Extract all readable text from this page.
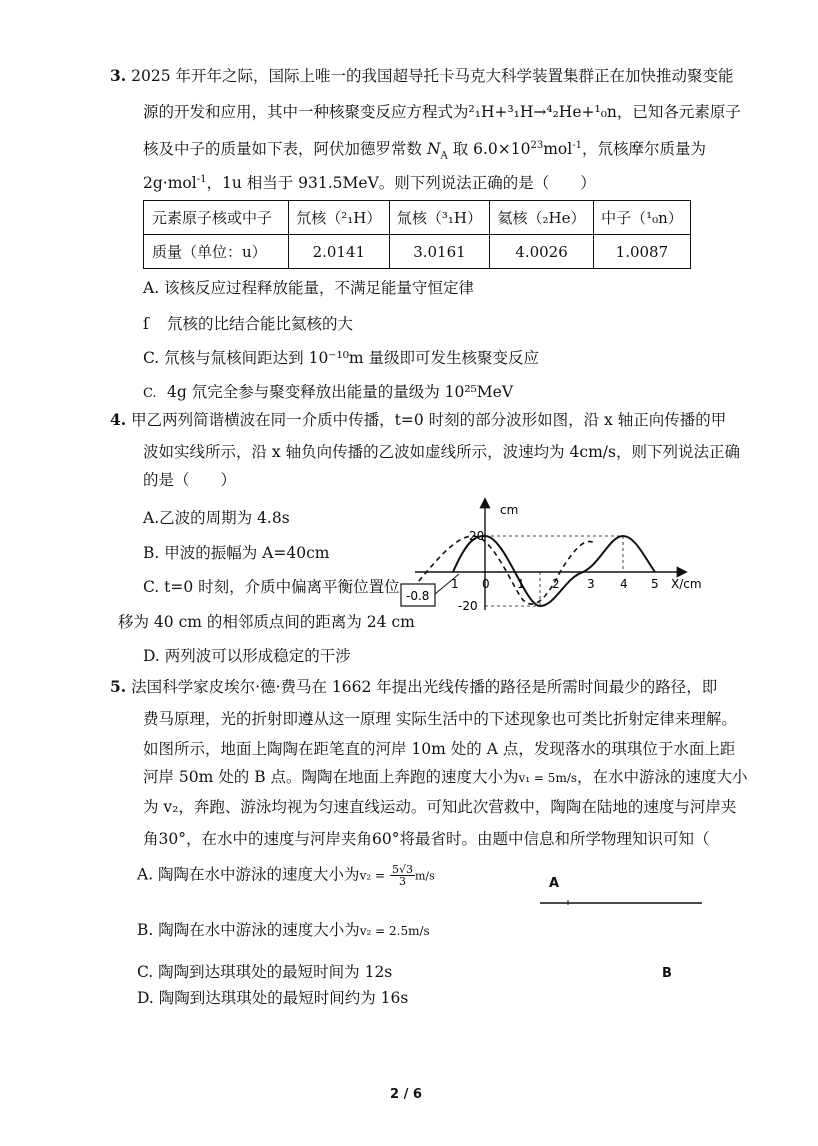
3. 2025 年开年之际，国际上唯一的我国超导托卡马克大科学装置集群正在加快推动聚变能
源的开发和应用，其中一种核聚变反应方程式为²₁H+³₁H→⁴₂He+¹₀n，已知各元素原子
核及中子的质量如下表，阿伏加德罗常数 $N_A$ 取 $6.0\times 10^{23}mol^{-1}$，氘核摩尔质量为
2g·mol$^{-1}$，1u 相当于 931.5MeV。则下列说法正确的是（　　）
元素原子核或中子	氘核（²₁H）	氚核（³₁H）	氦核（₂He）	中子（¹₀n）
质量（单位：u）	2.0141	3.0161	4.0026	1.0087
A. 该核反应过程释放能量，不满足能量守恒定律
ſ 氘核的比结合能比氦核的大
C. 氘核与氚核间距达到 10⁻¹⁰m 量级即可发生核聚变反应
C. 4g 氘完全参与聚变释放出能量的量级为 10²⁵MeV
4. 甲乙两列简谐横波在同一介质中传播，t=0 时刻的部分波形如图，沿 x 轴正向传播的甲
波如实线所示，沿 x 轴负向传播的乙波如虚线所示，波速均为 4cm/s，则下列说法正确
的是（　　）
A.乙波的周期为 4.8s
B. 甲波的振幅为 A=40cm
C. t=0 时刻，介质中偏离平衡位置位
移为 40 cm 的相邻质点间的距离为 24 cm
D. 两列波可以形成稳定的干涉
cm
20
-20
1 0 1 2 3 4 5 X/cm
-0.8
5. 法国科学家皮埃尔·德·费马在 1662 年提出光线传播的路径是所需时间最少的路径，即
费马原理，光的折射即遵从这一原理 实际生活中的下述现象也可类比折射定律来理解。
如图所示，地面上陶陶在距笔直的河岸 10m 处的 A 点，发现落水的琪琪位于水面上距
河岸 50m 处的 B 点。陶陶在地面上奔跑的速度大小为v₁ = 5m/s，在水中游泳的速度大小
为 v₂，奔跑、游泳均视为匀速直线运动。可知此次营救中，陶陶在陆地的速度与河岸夹
角30°，在水中的速度与河岸夹角60°将最省时。由题中信息和所学物理知识可知（
A. 陶陶在水中游泳的速度大小为$v_2 = \frac{5√3}{3} m/s$
B. 陶陶在水中游泳的速度大小为v₂ = 2.5m/s
C. 陶陶到达琪琪处的最短时间为 12s
D. 陶陶到达琪琪处的最短时间约为 16s
A
B
2 / 6
